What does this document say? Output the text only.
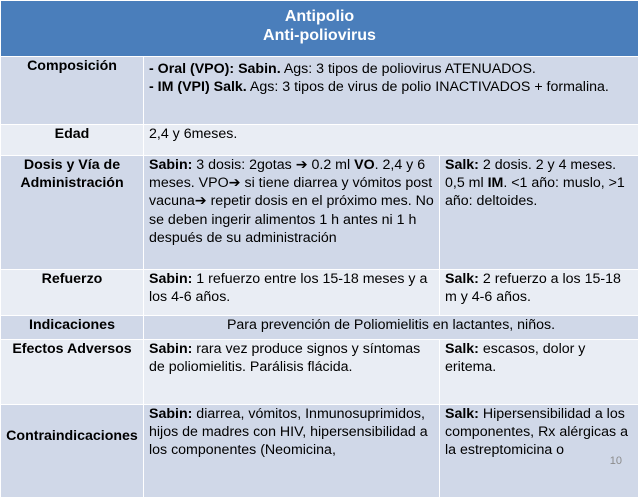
Antipolio
Anti-poliovirus		

Composición	- Oral (VPO): Sabin. Ags: 3 tipos de poliovirus ATENUADOS.
- IM (VPI) Salk. Ags: 3 tipos de virus de polio INACTIVADOS + formalina.	

Edad	2,4 y 6meses.	
Dosis y Vía de Administración	Sabin: 3 dosis: 2gotas ➔ 0.2 ml VO. 2,4 y 6 meses. VPO➔ si tiene diarrea y vómitos post vacuna➔ repetir dosis en el próximo mes. No se deben ingerir alimentos 1 h antes ni 1 h después de su administración	Salk: 2 dosis. 2 y 4 meses. 0,5 ml IM. <1 año: muslo, >1 año: deltoides.
Refuerzo	Sabin: 1 refuerzo entre los 15-18 meses y a los 4-6 años.	Salk: 2 refuerzo a los 15-18 m y 4-6 años.
Indicaciones	Para prevención de Poliomielitis en lactantes, niños.	
Efectos Adversos	Sabin: rara vez produce signos y síntomas de poliomielitis. Parálisis flácida.	Salk: escasos, dolor y eritema.
Contraindicaciones	Sabin: diarrea, vómitos, Inmunosuprimidos, hijos de madres con HIV, hipersensibilidad a los componentes (Neomicina,	Salk: Hipersensibilidad a los componentes, Rx alérgicas a la estreptomicina o
10
